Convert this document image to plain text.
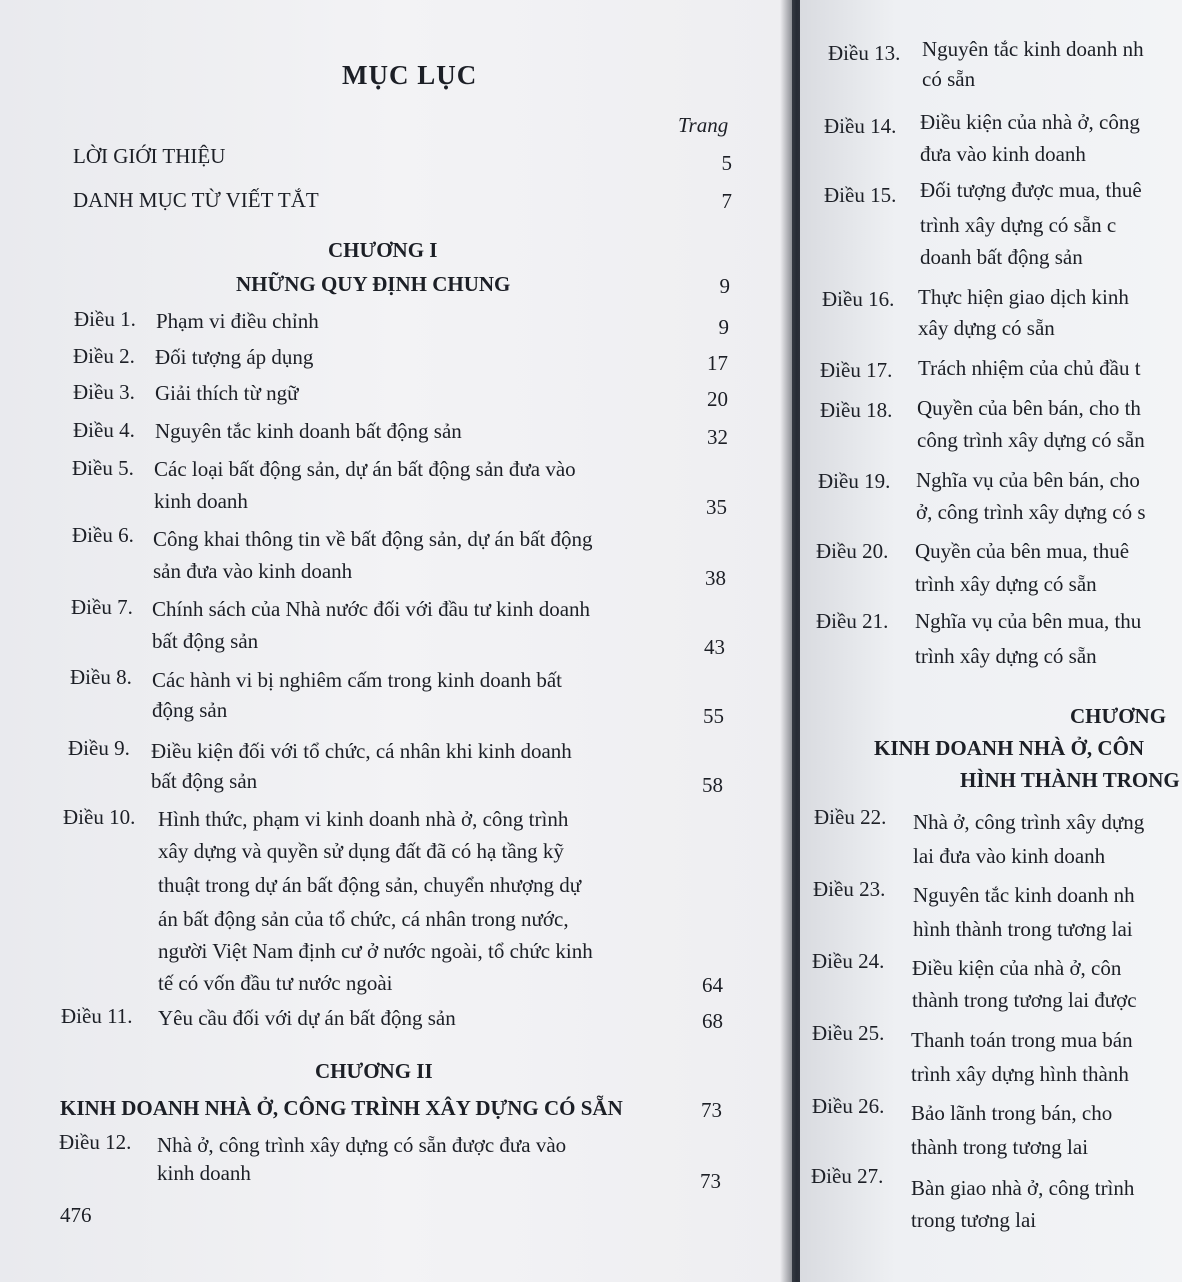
MỤC LỤC
Trang
LỜI GIỚI THIỆU	5
DANH MỤC TỪ VIẾT TẮT	7
CHƯƠNG I
NHỮNG QUY ĐỊNH CHUNG	9
Điều 1. Phạm vi điều chỉnh	9
Điều 2. Đối tượng áp dụng	17
Điều 3. Giải thích từ ngữ	20
Điều 4. Nguyên tắc kinh doanh bất động sản	32
Điều 5. Các loại bất động sản, dự án bất động sản đưa vào
kinh doanh	35
Điều 6. Công khai thông tin về bất động sản, dự án bất động
sản đưa vào kinh doanh	38
Điều 7. Chính sách của Nhà nước đối với đầu tư kinh doanh
bất động sản	43
Điều 8. Các hành vi bị nghiêm cấm trong kinh doanh bất
động sản	55
Điều 9. Điều kiện đối với tổ chức, cá nhân khi kinh doanh
bất động sản	58
Điều 10. Hình thức, phạm vi kinh doanh nhà ở, công trình
xây dựng và quyền sử dụng đất đã có hạ tầng kỹ
thuật trong dự án bất động sản, chuyển nhượng dự
án bất động sản của tổ chức, cá nhân trong nước,
người Việt Nam định cư ở nước ngoài, tổ chức kinh
tế có vốn đầu tư nước ngoài	64
Điều 11. Yêu cầu đối với dự án bất động sản	68
CHƯƠNG II
KINH DOANH NHÀ Ở, CÔNG TRÌNH XÂY DỰNG CÓ SẴN	73
Điều 12. Nhà ở, công trình xây dựng có sẵn được đưa vào
kinh doanh	73
476
Điều 13. Nguyên tắc kinh doanh nh
có sẵn
Điều 14. Điều kiện của nhà ở, công
đưa vào kinh doanh
Điều 15. Đối tượng được mua, thuê
trình xây dựng có sẵn c
doanh bất động sản
Điều 16. Thực hiện giao dịch kinh
xây dựng có sẵn
Điều 17. Trách nhiệm của chủ đầu t
Điều 18. Quyền của bên bán, cho th
công trình xây dựng có sẵn
Điều 19. Nghĩa vụ của bên bán, cho
ở, công trình xây dựng có s
Điều 20. Quyền của bên mua, thuê
trình xây dựng có sẵn
Điều 21. Nghĩa vụ của bên mua, thu
trình xây dựng có sẵn
CHƯƠNG
KINH DOANH NHÀ Ở, CÔN
HÌNH THÀNH TRONG
Điều 22. Nhà ở, công trình xây dựng
lai đưa vào kinh doanh
Điều 23. Nguyên tắc kinh doanh nh
hình thành trong tương lai
Điều 24. Điều kiện của nhà ở, côn
thành trong tương lai được
Điều 25. Thanh toán trong mua bán
trình xây dựng hình thành
Điều 26. Bảo lãnh trong bán, cho
thành trong tương lai
Điều 27. Bàn giao nhà ở, công trình
trong tương lai
